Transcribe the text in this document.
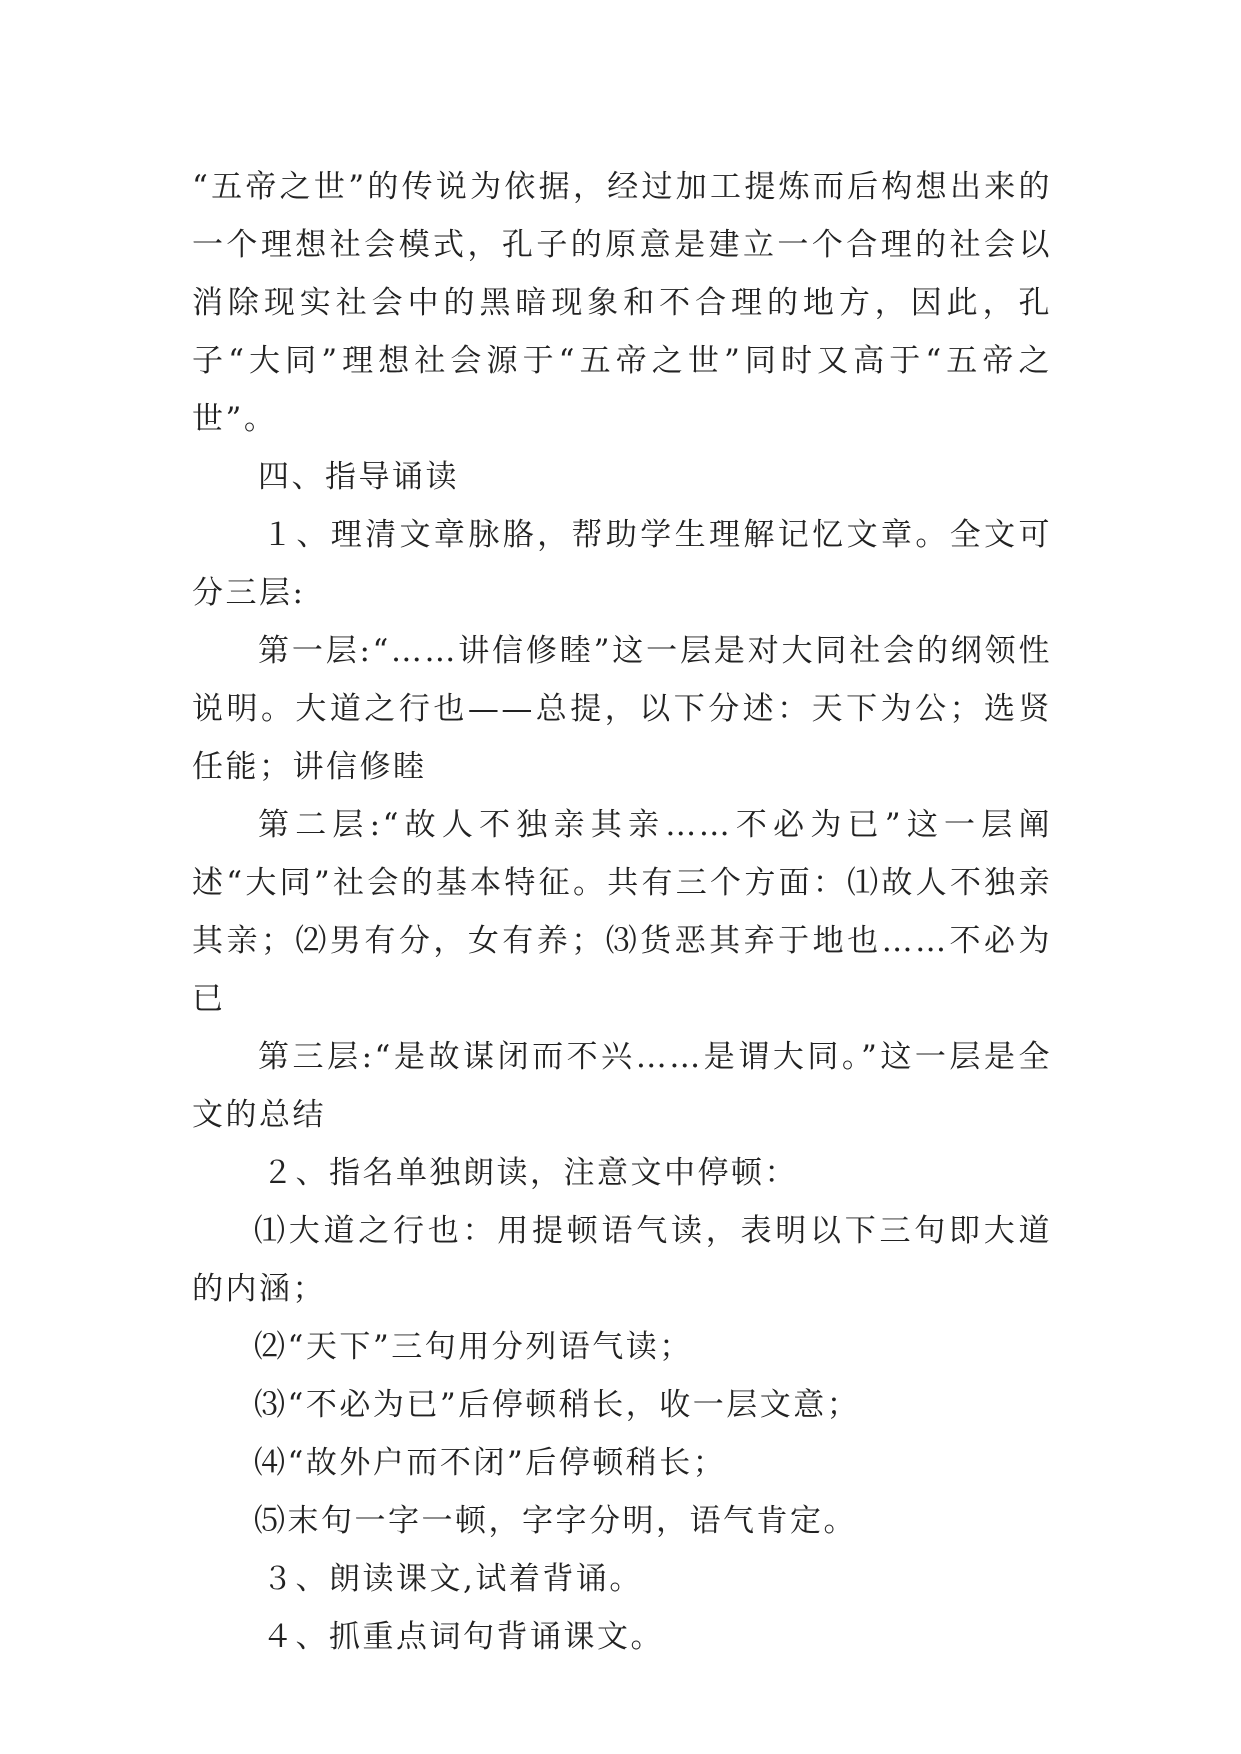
“五帝之世”的传说为依据，经过加工提炼而后构想出来的一个理想社会模式，孔子的原意是建立一个合理的社会以消除现实社会中的黑暗现象和不合理的地方，因此，孔子“大同”理想社会源于“五帝之世”同时又高于“五帝之世”。

四、指导诵读

１、理清文章脉胳，帮助学生理解记忆文章。全文可分三层:

第一层:“……讲信修睦”这一层是对大同社会的纲领性说明。大道之行也——总提，以下分述：天下为公；选贤任能；讲信修睦

第二层:“故人不独亲其亲……不必为已”这一层阐述“大同”社会的基本特征。共有三个方面：⑴故人不独亲其亲；⑵男有分，女有养；⑶货恶其弃于地也……不必为已

第三层:“是故谋闭而不兴……是谓大同。”这一层是全文的总结

２、指名单独朗读，注意文中停顿：

⑴大道之行也：用提顿语气读，表明以下三句即大道的内涵；

⑵“天下”三句用分列语气读；

⑶“不必为已”后停顿稍长，收一层文意；

⑷“故外户而不闭”后停顿稍长；

⑸末句一字一顿，字字分明，语气肯定。

３、朗读课文,试着背诵。

４、抓重点词句背诵课文。
